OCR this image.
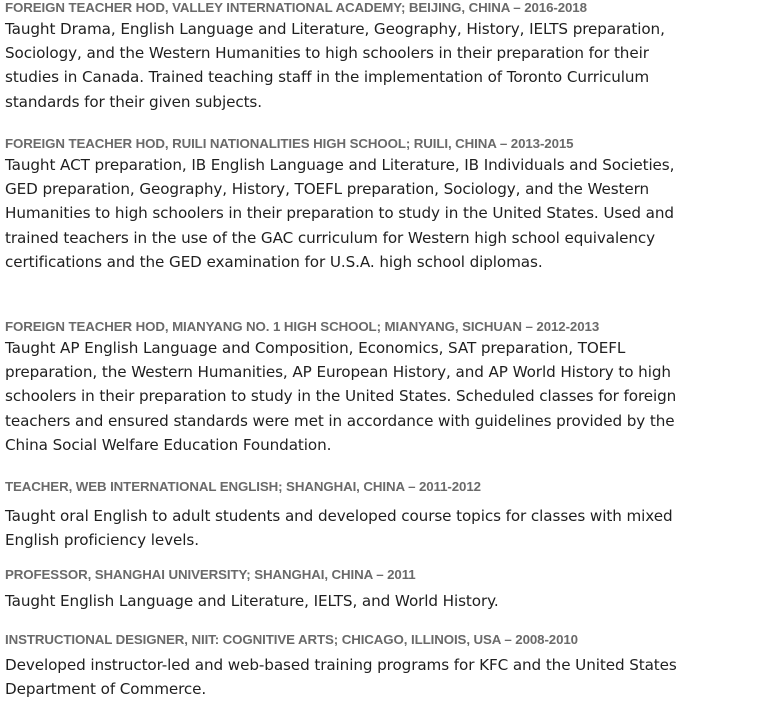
FOREIGN TEACHER HOD, VALLEY INTERNATIONAL ACADEMY; BEIJING, CHINA – 2016-2018
Taught Drama, English Language and Literature, Geography, History, IELTS preparation, Sociology, and the Western Humanities to high schoolers in their preparation for their studies in Canada. Trained teaching staff in the implementation of Toronto Curriculum standards for their given subjects.
FOREIGN TEACHER HOD, RUILI NATIONALITIES HIGH SCHOOL; RUILI, CHINA – 2013-2015
Taught ACT preparation, IB English Language and Literature, IB Individuals and Societies, GED preparation, Geography, History, TOEFL preparation, Sociology, and the Western Humanities to high schoolers in their preparation to study in the United States. Used and trained teachers in the use of the GAC curriculum for Western high school equivalency certifications and the GED examination for U.S.A. high school diplomas.
FOREIGN TEACHER HOD, MIANYANG NO. 1 HIGH SCHOOL; MIANYANG, SICHUAN – 2012-2013
Taught AP English Language and Composition, Economics, SAT preparation, TOEFL preparation, the Western Humanities, AP European History, and AP World History to high schoolers in their preparation to study in the United States. Scheduled classes for foreign teachers and ensured standards were met in accordance with guidelines provided by the China Social Welfare Education Foundation.
TEACHER, WEB INTERNATIONAL ENGLISH; SHANGHAI, CHINA – 2011-2012
Taught oral English to adult students and developed course topics for classes with mixed English proficiency levels.
PROFESSOR, SHANGHAI UNIVERSITY; SHANGHAI, CHINA – 2011
Taught English Language and Literature, IELTS, and World History.
INSTRUCTIONAL DESIGNER, NIIT: COGNITIVE ARTS; CHICAGO, ILLINOIS, USA – 2008-2010
Developed instructor-led and web-based training programs for KFC and the United States Department of Commerce.
